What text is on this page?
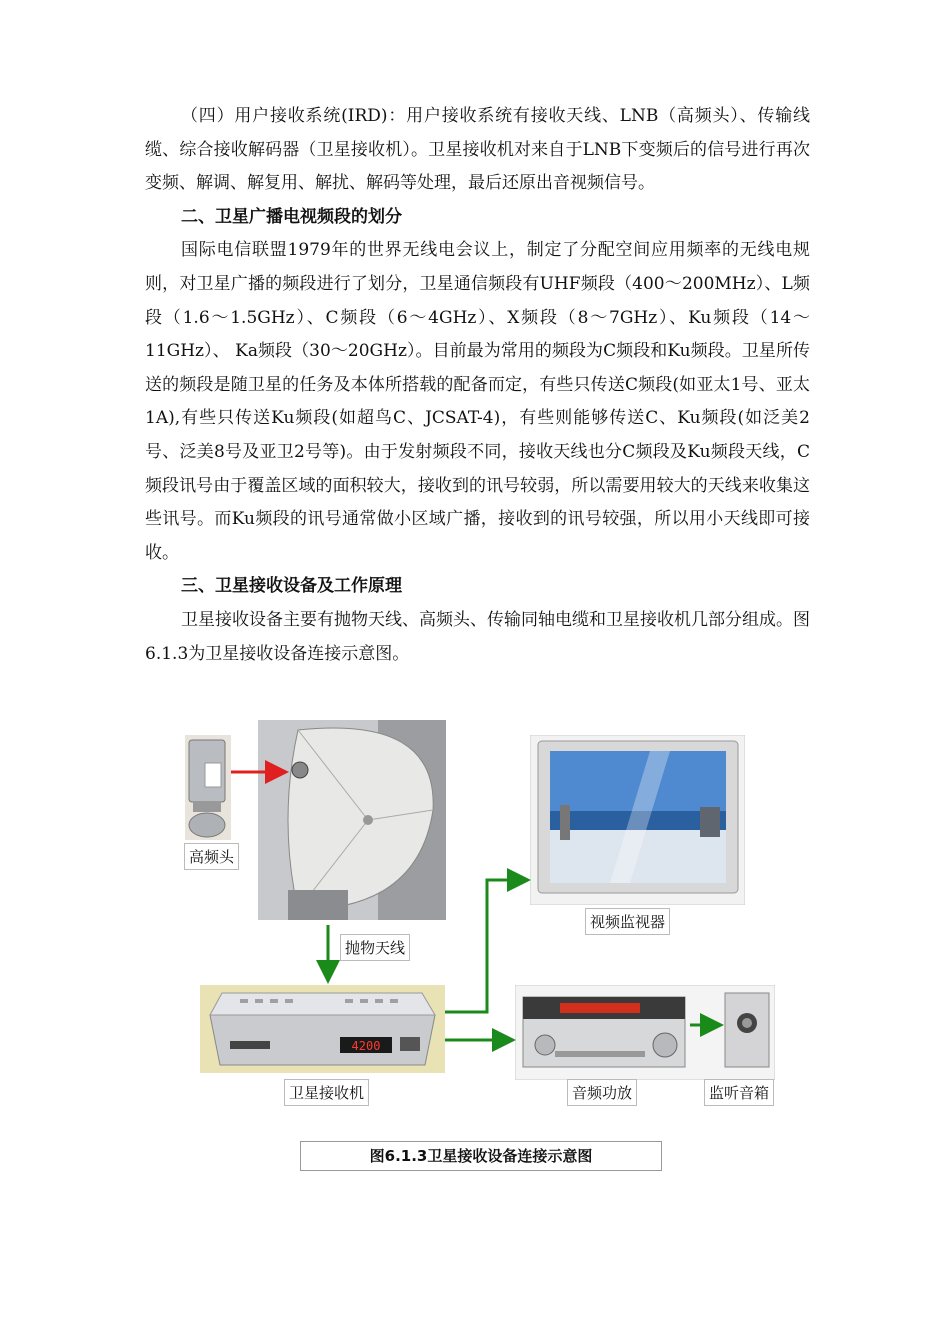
（四）用户接收系统(IRD)：用户接收系统有接收天线、LNB（高频头）、传输线缆、综合接收解码器（卫星接收机）。卫星接收机对来自于LNB下变频后的信号进行再次变频、解调、解复用、解扰、解码等处理，最后还原出音视频信号。

二、卫星广播电视频段的划分

国际电信联盟1979年的世界无线电会议上，制定了分配空间应用频率的无线电规则，对卫星广播的频段进行了划分，卫星通信频段有UHF频段（400～200MHz）、L频段（1.6～1.5GHz）、C频段（6～4GHz）、X频段（8～7GHz）、Ku频段（14～11GHz）、 Ka频段（30～20GHz）。目前最为常用的频段为C频段和Ku频段。卫星所传送的频段是随卫星的任务及本体所搭载的配备而定，有些只传送C频段(如亚太1号、亚太1A),有些只传送Ku频段(如超鸟C、JCSAT-4)，有些则能够传送C、Ku频段(如泛美2号、泛美8号及亚卫2号等)。由于发射频段不同，接收天线也分C频段及Ku频段天线，C频段讯号由于覆盖区域的面积较大，接收到的讯号较弱，所以需要用较大的天线来收集这些讯号。而Ku频段的讯号通常做小区域广播，接收到的讯号较强，所以用小天线即可接收。

三、卫星接收设备及工作原理

卫星接收设备主要有抛物天线、高频头、传输同轴电缆和卫星接收机几部分组成。图6.1.3为卫星接收设备连接示意图。

高频头
抛物天线
视频监视器
4200
卫星接收机	音频功放	监听音箱
图6.1.3卫星接收设备连接示意图
